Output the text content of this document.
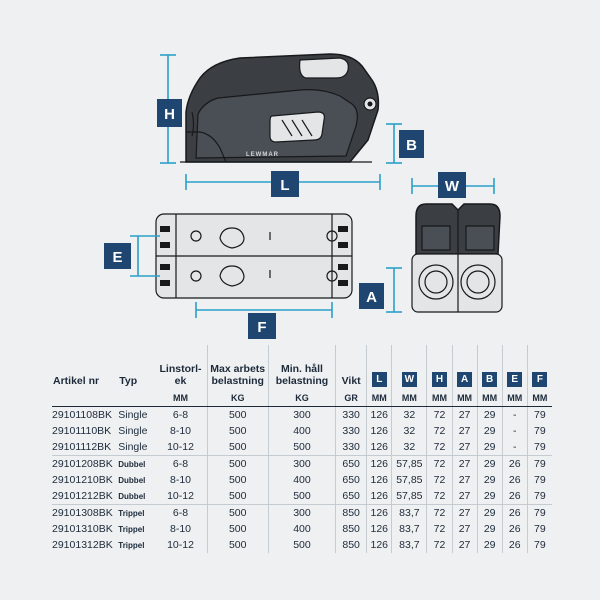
LEWMAR
H
B
L
E
F
W
A
Artikel nr	Typ	Linstorl-ek	Max arbets belastning	Min. håll belastning	Vikt	L	W	H	A	B	E	F
		MM	KG	KG	GR	MM	MM	MM	MM	MM	MM	MM
29101108BK	Single	6-8	500	300	330	126	32	72	27	29	-	79
29101110BK	Single	8-10	500	400	330	126	32	72	27	29	-	79
29101112BK	Single	10-12	500	500	330	126	32	72	27	29	-	79
29101208BK	Dubbel	6-8	500	300	650	126	57,85	72	27	29	26	79
29101210BK	Dubbel	8-10	500	400	650	126	57,85	72	27	29	26	79
29101212BK	Dubbel	10-12	500	500	650	126	57,85	72	27	29	26	79
29101308BK	Trippel	6-8	500	300	850	126	83,7	72	27	29	26	79
29101310BK	Trippel	8-10	500	400	850	126	83,7	72	27	29	26	79
29101312BK	Trippel	10-12	500	500	850	126	83,7	72	27	29	26	79
